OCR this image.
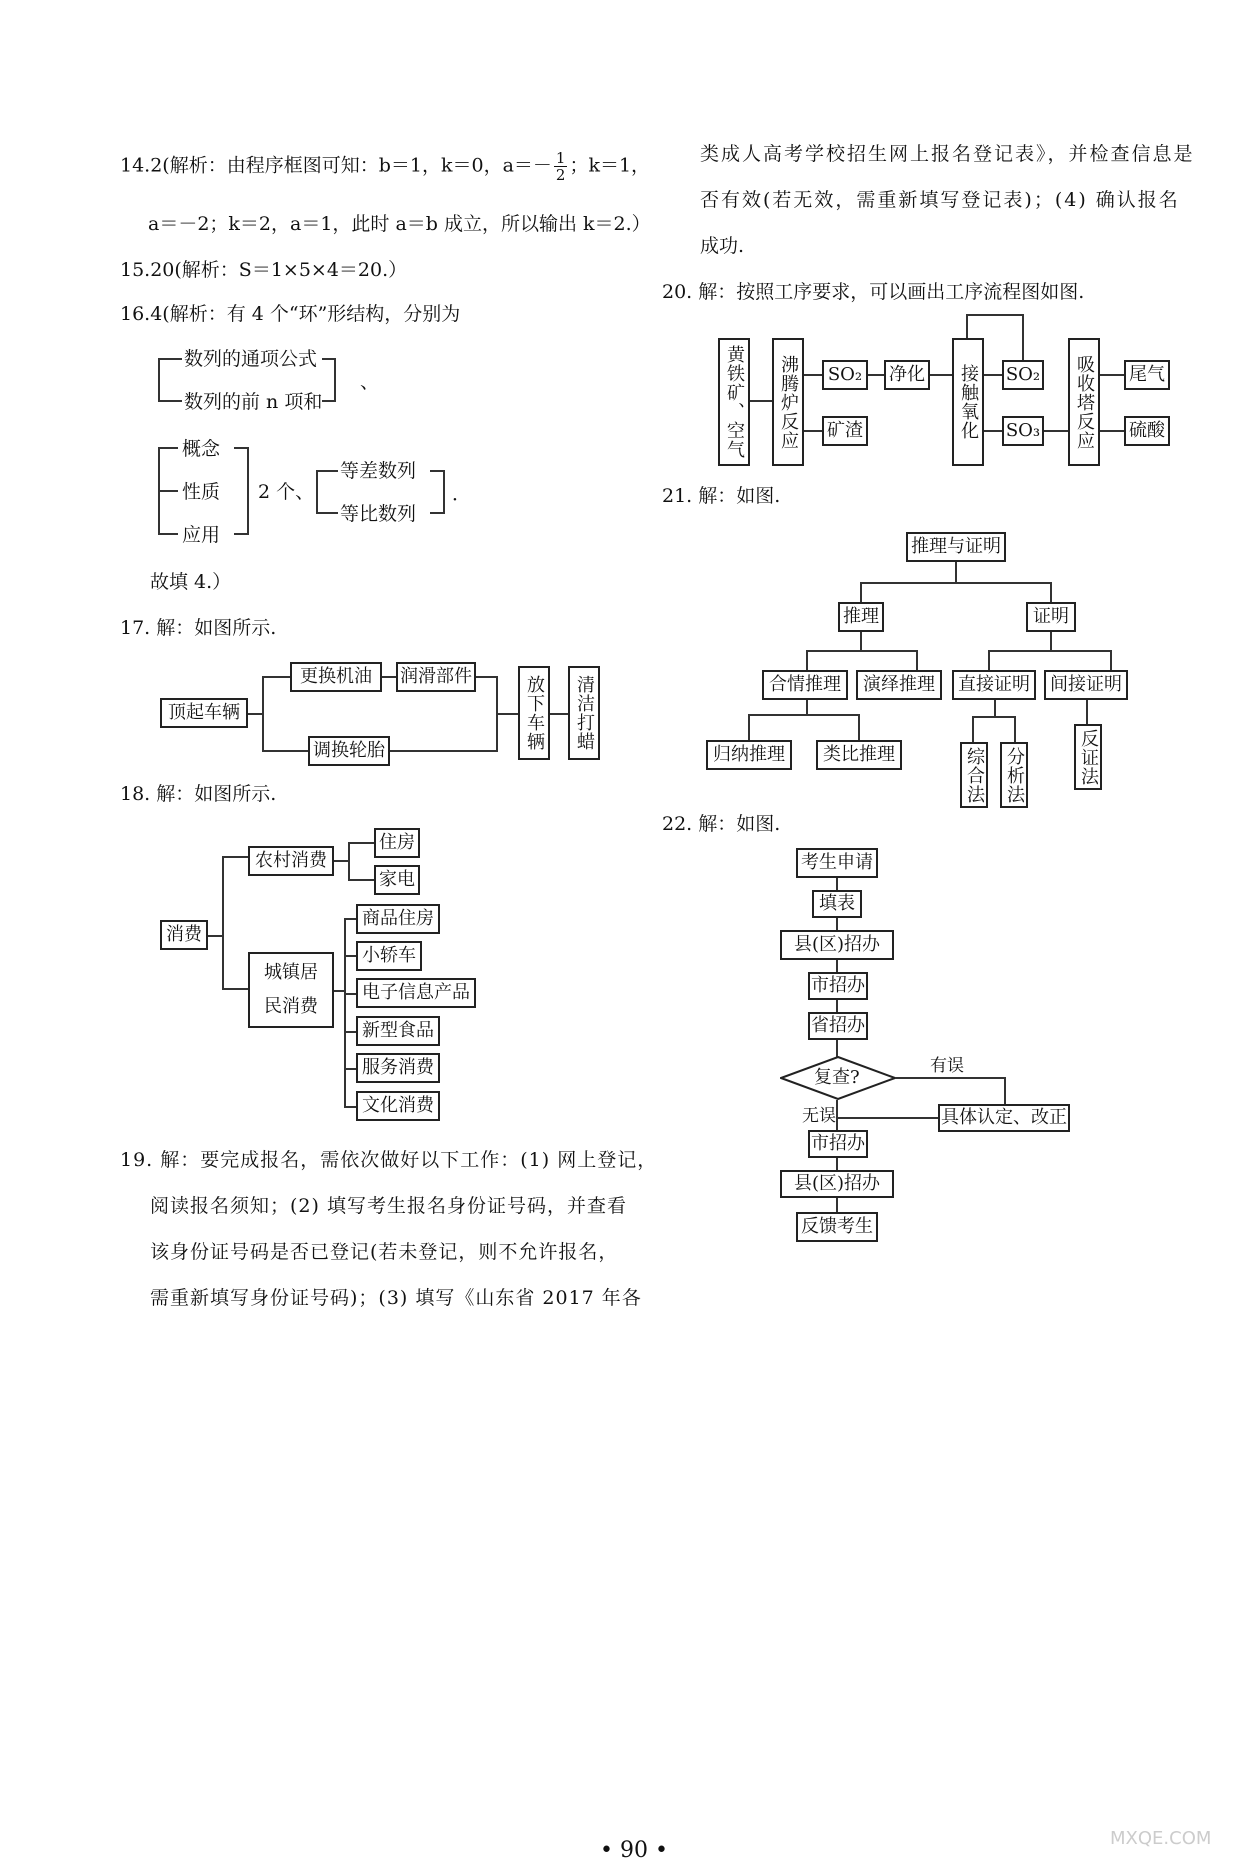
14.2(解析：由程序框图可知：b＝1，k＝0，$a=- \frac{1}{2}$ ；k＝1，
a＝－2；k＝2，a＝1，此时 a＝b 成立，所以输出 k＝2.）
15.20(解析：S＝1×5×4＝20.）
16.4(解析：有 4 个“环”形结构，分别为
数列的通项公式
数列的前 n 项和
、
概念
性质
应用
2 个、
等差数列
等比数列
．
故填 4.）
17. 解：如图所示.
顶起车辆
更换机油	润滑部件
调换轮胎	放下车辆	清洁打蜡
18. 解：如图所示.
消费
农村消费
城镇居
民消费
住房
家电
商品住房
小轿车
电子信息产品
新型食品
服务消费
文化消费
19. 解：要完成报名，需依次做好以下工作：(1) 网上登记，
阅读报名须知；(2) 填写考生报名身份证号码，并查看
该身份证号码是否已登记(若未登记，则不允许报名，
需重新填写身份证号码)；(3) 填写《山东省 2017 年各
类成人高考学校招生网上报名登记表》，并检查信息是
否有效(若无效，需重新填写登记表)；(4) 确认报名
成功.
20. 解：按照工序要求，可以画出工序流程图如图.
黄铁矿、空气	沸腾炉反应	SO₂
矿渣
净化	接触氧化 SO₂
SO₃	吸收塔反应 尾气
硫酸
21. 解：如图.
推理与证明
推理	证明
合情推理	演绎推理	直接证明	间接证明
归纳推理	类比推理	综合法 分析法	反证法
22. 解：如图.
考生申请
填表
县(区)招办
市招办
省招办
复查?
有误
具体认定、改正
无误
市招办
县(区)招办
反馈考生
• 90 •	MXQE.COM
